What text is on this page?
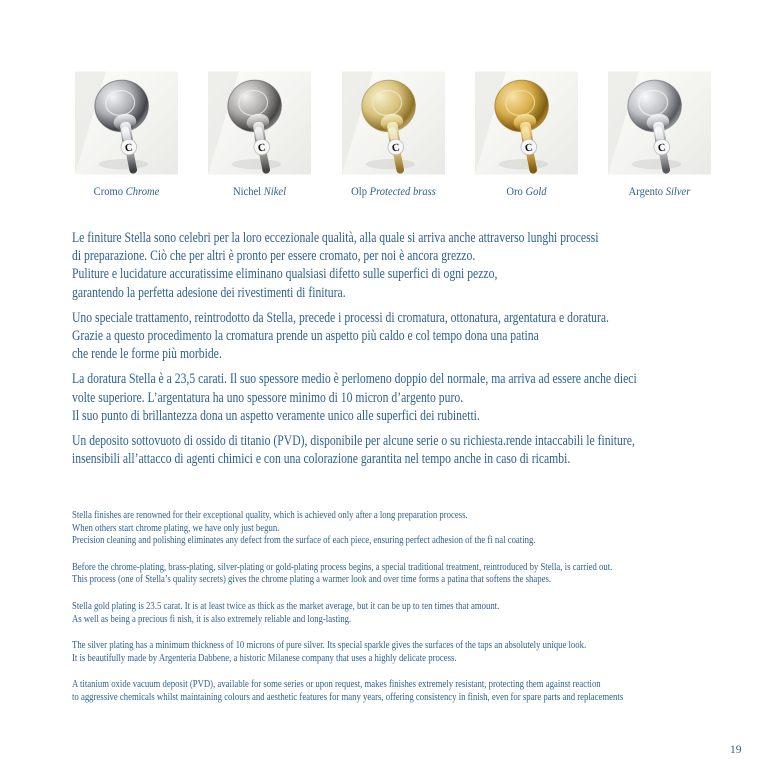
C
Cromo Chrome
C
Nichel Nikel
C
Olp Protected brass
C
Oro Gold
C
Argento Silver
Le finiture Stella sono celebri per la loro eccezionale qualità, alla quale si arriva anche attraverso lunghi processi
di preparazione. Ciò che per altri è pronto per essere cromato, per noi è ancora grezzo.
Puliture e lucidature accuratissime eliminano qualsiasi difetto sulle superfici di ogni pezzo,
garantendo la perfetta adesione dei rivestimenti di finitura.
Uno speciale trattamento, reintrodotto da Stella, precede i processi di cromatura, ottonatura, argentatura e doratura.
Grazie a questo procedimento la cromatura prende un aspetto più caldo e col tempo dona una patina
che rende le forme più morbide.
La doratura Stella è a 23,5 carati. Il suo spessore medio è perlomeno doppio del normale, ma arriva ad essere anche dieci
volte superiore. L’argentatura ha uno spessore minimo di 10 micron d’argento puro.
Il suo punto di brillantezza dona un aspetto veramente unico alle superfici dei rubinetti.
Un deposito sottovuoto di ossido di titanio (PVD), disponibile per alcune serie o su richiesta.rende intaccabili le finiture,
insensibili all’attacco di agenti chimici e con una colorazione garantita nel tempo anche in caso di ricambi.
Stella finishes are renowned for their exceptional quality, which is achieved only after a long preparation process.
When others start chrome plating, we have only just begun.
Precision cleaning and polishing eliminates any defect from the surface of each piece, ensuring perfect adhesion of the fi nal coating.
Before the chrome-plating, brass-plating, silver-plating or gold-plating process begins, a special traditional treatment, reintroduced by Stella, is carried out.
This process (one of Stella’s quality secrets) gives the chrome plating a warmer look and over time forms a patina that softens the shapes.
Stella gold plating is 23.5 carat. It is at least twice as thick as the market average, but it can be up to ten times that amount.
As well as being a precious fi nish, it is also extremely reliable and long-lasting.
The silver plating has a minimum thickness of 10 microns of pure silver. Its special sparkle gives the surfaces of the taps an absolutely unique look.
It is beautifully made by Argenteria Dabbene, a historic Milanese company that uses a highly delicate process.
A titanium oxide vacuum deposit (PVD), available for some series or upon request, makes finishes extremely resistant, protecting them against reaction
to aggressive chemicals whilst maintaining colours and aesthetic features for many years, offering consistency in finish, even for spare parts and replacements
19
